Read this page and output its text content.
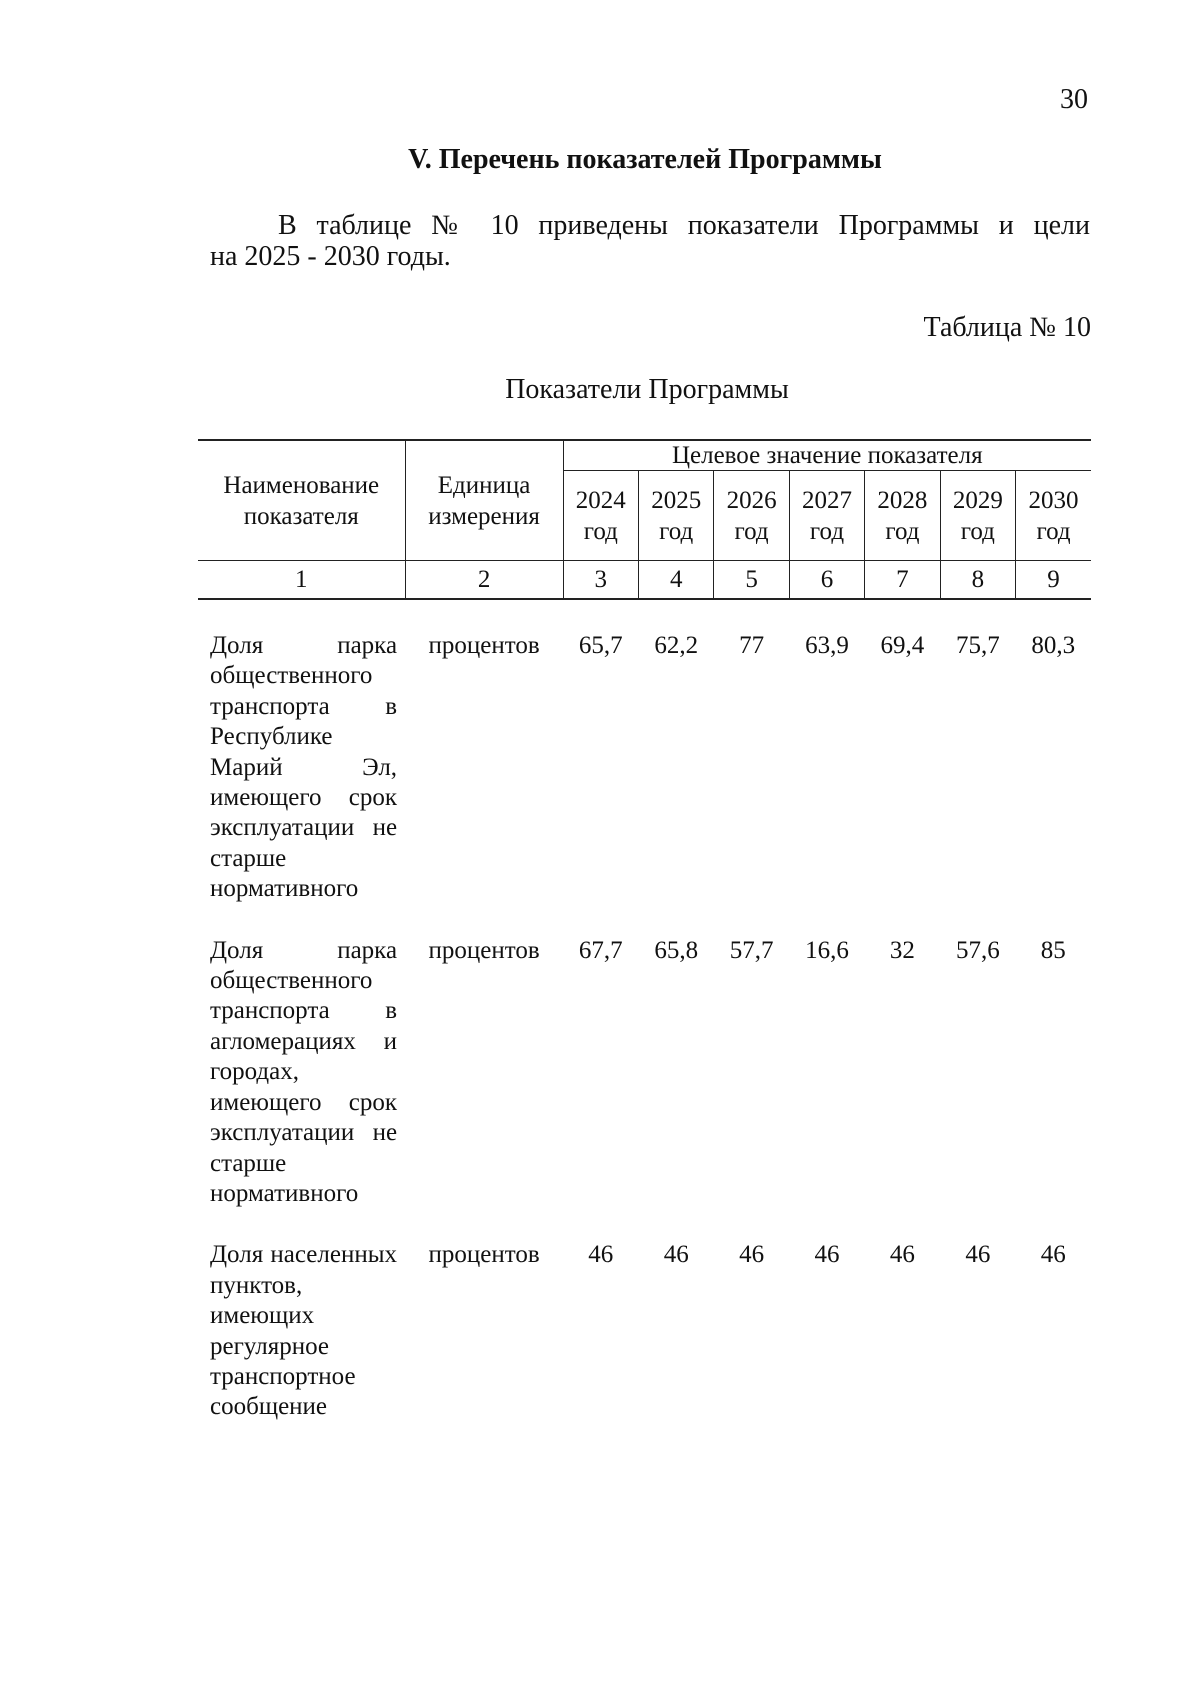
30
V. Перечень показателей Программы
В таблице № 10 приведены показатели Программы и цели
на 2025 - 2030 годы.
Таблица № 10
Показатели Программы
Наименование показателя	Единица измерения	Целевое значение показателя						
		2024 год	2025 год	2026 год	2027 год	2028 год	2029 год	2030 год
1	2	3	4	5	6	7	8	9

Доля парка общественного транспорта в Республике Марий Эл, имеющего срок эксплуатации не старше нормативного	процентов	65,7	62,2	77	63,9	69,4	75,7	80,3

Доля парка общественного транспорта в агломерациях и городах, имеющего срок эксплуатации не старше нормативного	процентов	67,7	65,8	57,7	16,6	32	57,6	85

Доля населенных пунктов, имеющих регулярное транспортное сообщение	процентов	46	46	46	46	46	46	46
